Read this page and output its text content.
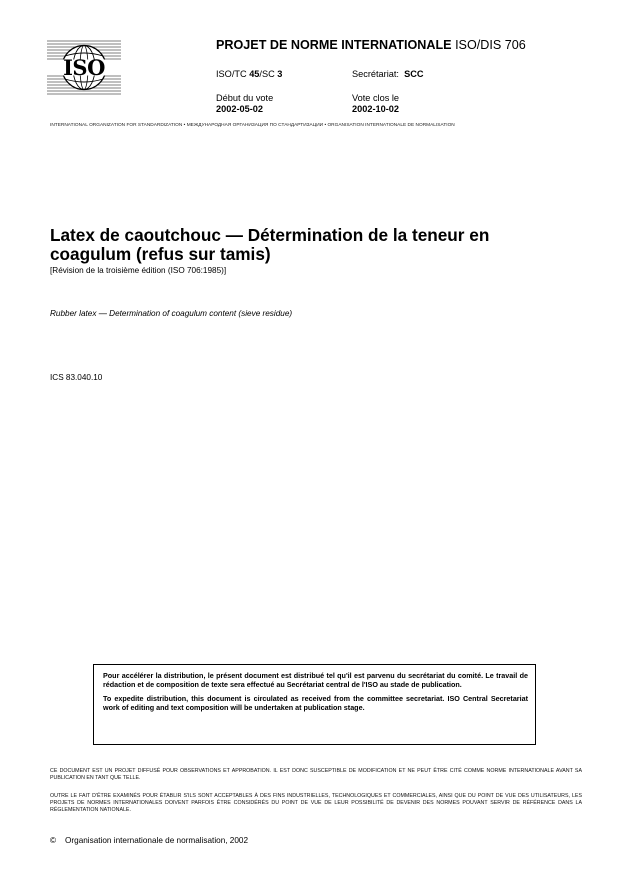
ISO
PROJET DE NORME INTERNATIONALE ISO/DIS 706
ISO/TC 45/SC 3	Secrétariat: SCC
Début du vote
2002-05-02
Vote clos le
2002-10-02
INTERNATIONAL ORGANIZATION FOR STANDARDIZATION • МЕЖДУНАРОДНАЯ ОРГАНИЗАЦИЯ ПО СТАНДАРТИЗАЦИИ • ORGANISATION INTERNATIONALE DE NORMALISATION
Latex de caoutchouc — Détermination de la teneur en coagulum (refus sur tamis)
[Révision de la troisième édition (ISO 706:1985)]
Rubber latex — Determination of coagulum content (sieve residue)
ICS 83.040.10

Pour accélérer la distribution, le présent document est distribué tel qu'il est parvenu du secrétariat du comité. Le travail de rédaction et de composition de texte sera effectué au Secrétariat central de l'ISO au stade de publication.

To expedite distribution, this document is circulated as received from the committee secretariat. ISO Central Secretariat work of editing and text composition will be undertaken at publication stage.

CE DOCUMENT EST UN PROJET DIFFUSÉ POUR OBSERVATIONS ET APPROBATION. IL EST DONC SUSCEPTIBLE DE MODIFICATION ET NE PEUT ÊTRE CITÉ COMME NORME INTERNATIONALE AVANT SA PUBLICATION EN TANT QUE TELLE.
OUTRE LE FAIT D'ÊTRE EXAMINÉS POUR ÉTABLIR S'ILS SONT ACCEPTABLES À DES FINS INDUSTRIELLES, TECHNOLOGIQUES ET COMMERCIALES, AINSI QUE DU POINT DE VUE DES UTILISATEURS, LES PROJETS DE NORMES INTERNATIONALES DOIVENT PARFOIS ÊTRE CONSIDÉRÉS DU POINT DE VUE DE LEUR POSSIBILITÉ DE DEVENIR DES NORMES POUVANT SERVIR DE RÉFÉRENCE DANS LA RÉGLEMENTATION NATIONALE.
© Organisation internationale de normalisation, 2002
